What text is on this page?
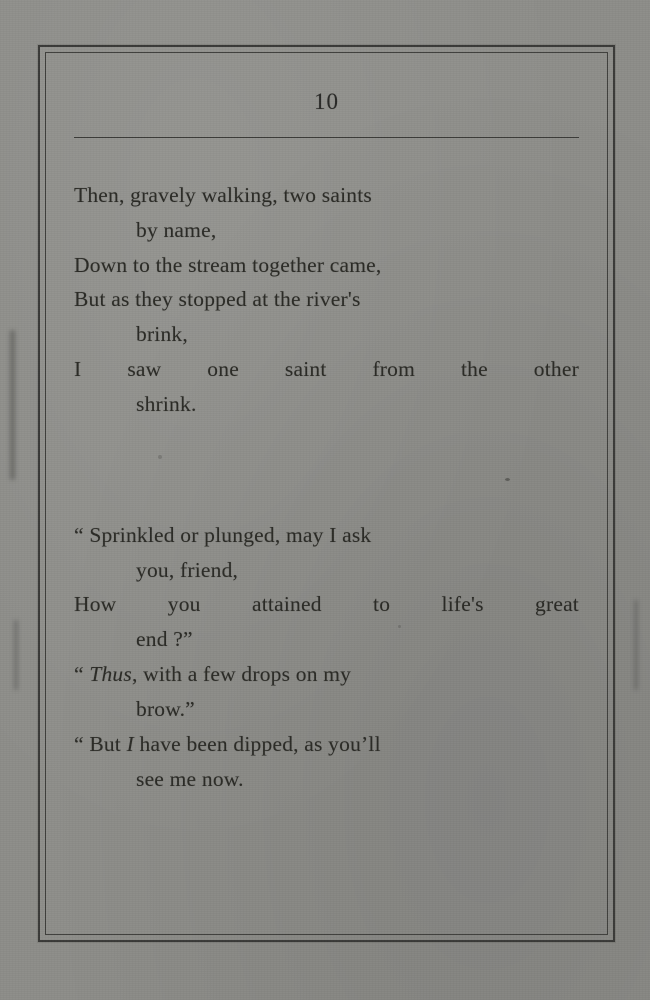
10
Then, gravely walking, two saints
by name,
Down to the stream together came,
But as they stopped at the river's
brink,
I saw one saint from the other
shrink.
“ Sprinkled or plunged, may I ask
you, friend,
How you attained to life's great
end ?”
“ Thus, with a few drops on my
brow.”
“ But I have been dipped, as you’ll
see me now.
